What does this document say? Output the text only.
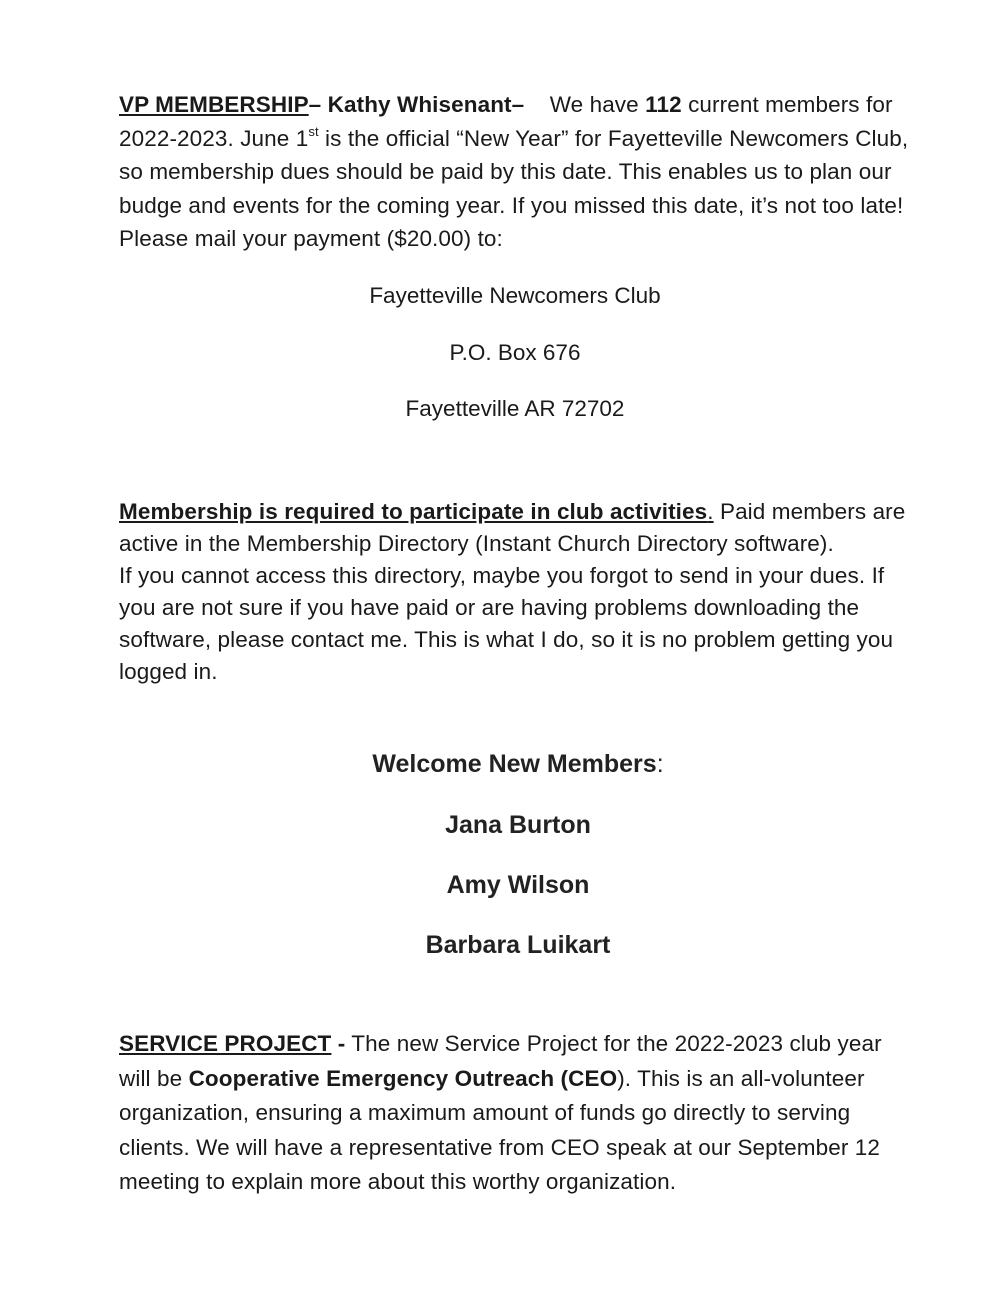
VP MEMBERSHIP– Kathy Whisenant– We have 112 current members for 2022-2023. June 1st is the official “New Year” for Fayetteville Newcomers Club, so membership dues should be paid by this date. This enables us to plan our budge and events for the coming year. If you missed this date, it’s not too late! Please mail your payment ($20.00) to:
Fayetteville Newcomers Club
P.O. Box 676
Fayetteville AR 72702
Membership is required to participate in club activities. Paid members are active in the Membership Directory (Instant Church Directory software).
If you cannot access this directory, maybe you forgot to send in your dues. If you are not sure if you have paid or are having problems downloading the software, please contact me. This is what I do, so it is no problem getting you logged in.
Welcome New Members:
Jana Burton
Amy Wilson
Barbara Luikart
SERVICE PROJECT - The new Service Project for the 2022-2023 club year will be Cooperative Emergency Outreach (CEO). This is an all-volunteer organization, ensuring a maximum amount of funds go directly to serving clients. We will have a representative from CEO speak at our September 12 meeting to explain more about this worthy organization.
